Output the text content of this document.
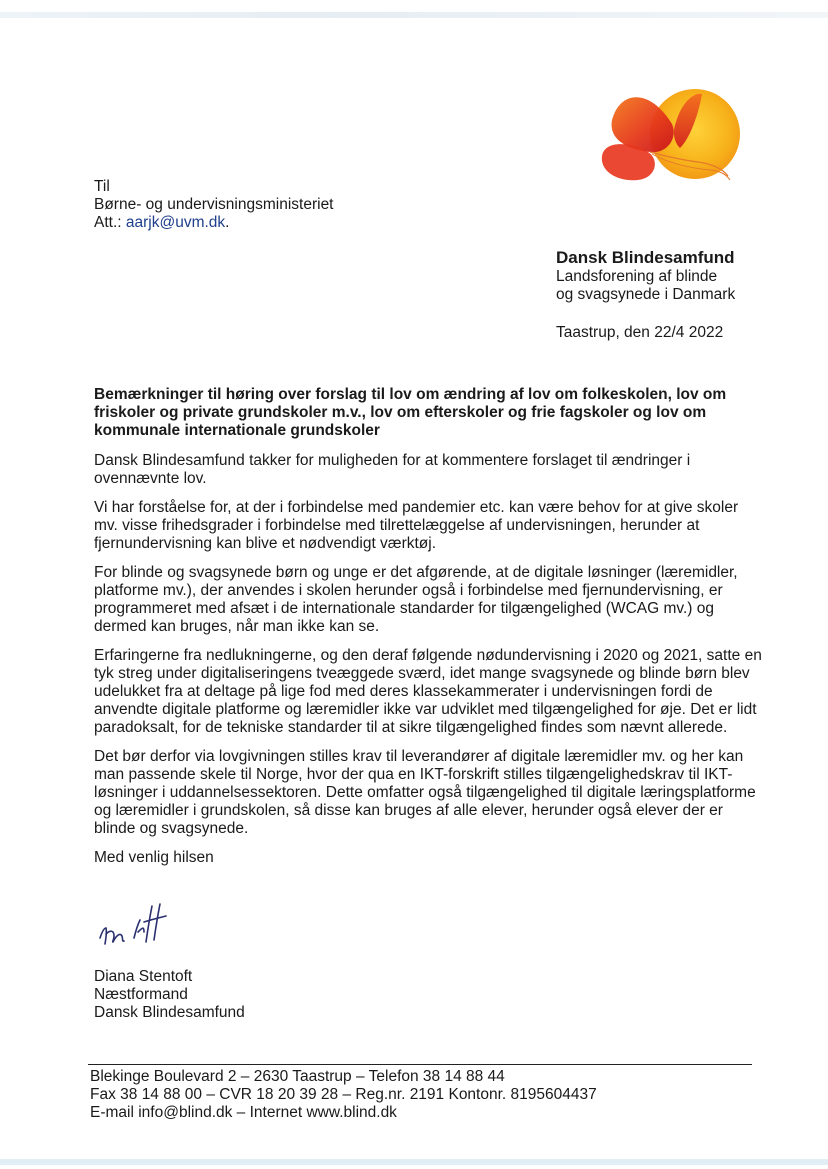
Til
Børne- og undervisningsministeriet
Att.: aarjk@uvm.dk.
Dansk Blindesamfund
Landsforening af blinde
og svagsynede i Danmark
Taastrup, den 22/4 2022
Bemærkninger til høring over forslag til lov om ændring af lov om folkeskolen, lov om friskoler og private grundskoler m.v., lov om efterskoler og frie fagskoler og lov om kommunale internationale grundskoler

Dansk Blindesamfund takker for muligheden for at kommentere forslaget til ændringer i ovennævnte lov.

Vi har forståelse for, at der i forbindelse med pandemier etc. kan være behov for at give skoler mv. visse frihedsgrader i forbindelse med tilrettelæggelse af undervisningen, herunder at fjernundervisning kan blive et nødvendigt værktøj.

For blinde og svagsynede børn og unge er det afgørende, at de digitale løsninger (læremidler, platforme mv.), der anvendes i skolen herunder også i forbindelse med fjernundervisning, er programmeret med afsæt i de internationale standarder for tilgængelighed (WCAG mv.) og dermed kan bruges, når man ikke kan se.

Erfaringerne fra nedlukningerne, og den deraf følgende nødundervisning i 2020 og 2021, satte en tyk streg under digitaliseringens tveæggede sværd, idet mange svagsynede og blinde børn blev udelukket fra at deltage på lige fod med deres klassekammerater i undervisningen fordi de anvendte digitale platforme og læremidler ikke var udviklet med tilgængelighed for øje. Det er lidt paradoksalt, for de tekniske standarder til at sikre tilgængelighed findes som nævnt allerede.

Det bør derfor via lovgivningen stilles krav til leverandører af digitale læremidler mv. og her kan man passende skele til Norge, hvor der qua en IKT-forskrift stilles tilgængelighedskrav til IKT-løsninger i uddannelsessektoren. Dette omfatter også tilgængelighed til digitale læringsplatforme og læremidler i grundskolen, så disse kan bruges af alle elever, herunder også elever der er blinde og svagsynede.

Med venlig hilsen

Diana Stentoft
Næstformand
Dansk Blindesamfund
Blekinge Boulevard 2 – 2630 Taastrup – Telefon 38 14 88 44
Fax 38 14 88 00 – CVR 18 20 39 28 – Reg.nr. 2191 Kontonr. 8195604437
E-mail info@blind.dk – Internet www.blind.dk
